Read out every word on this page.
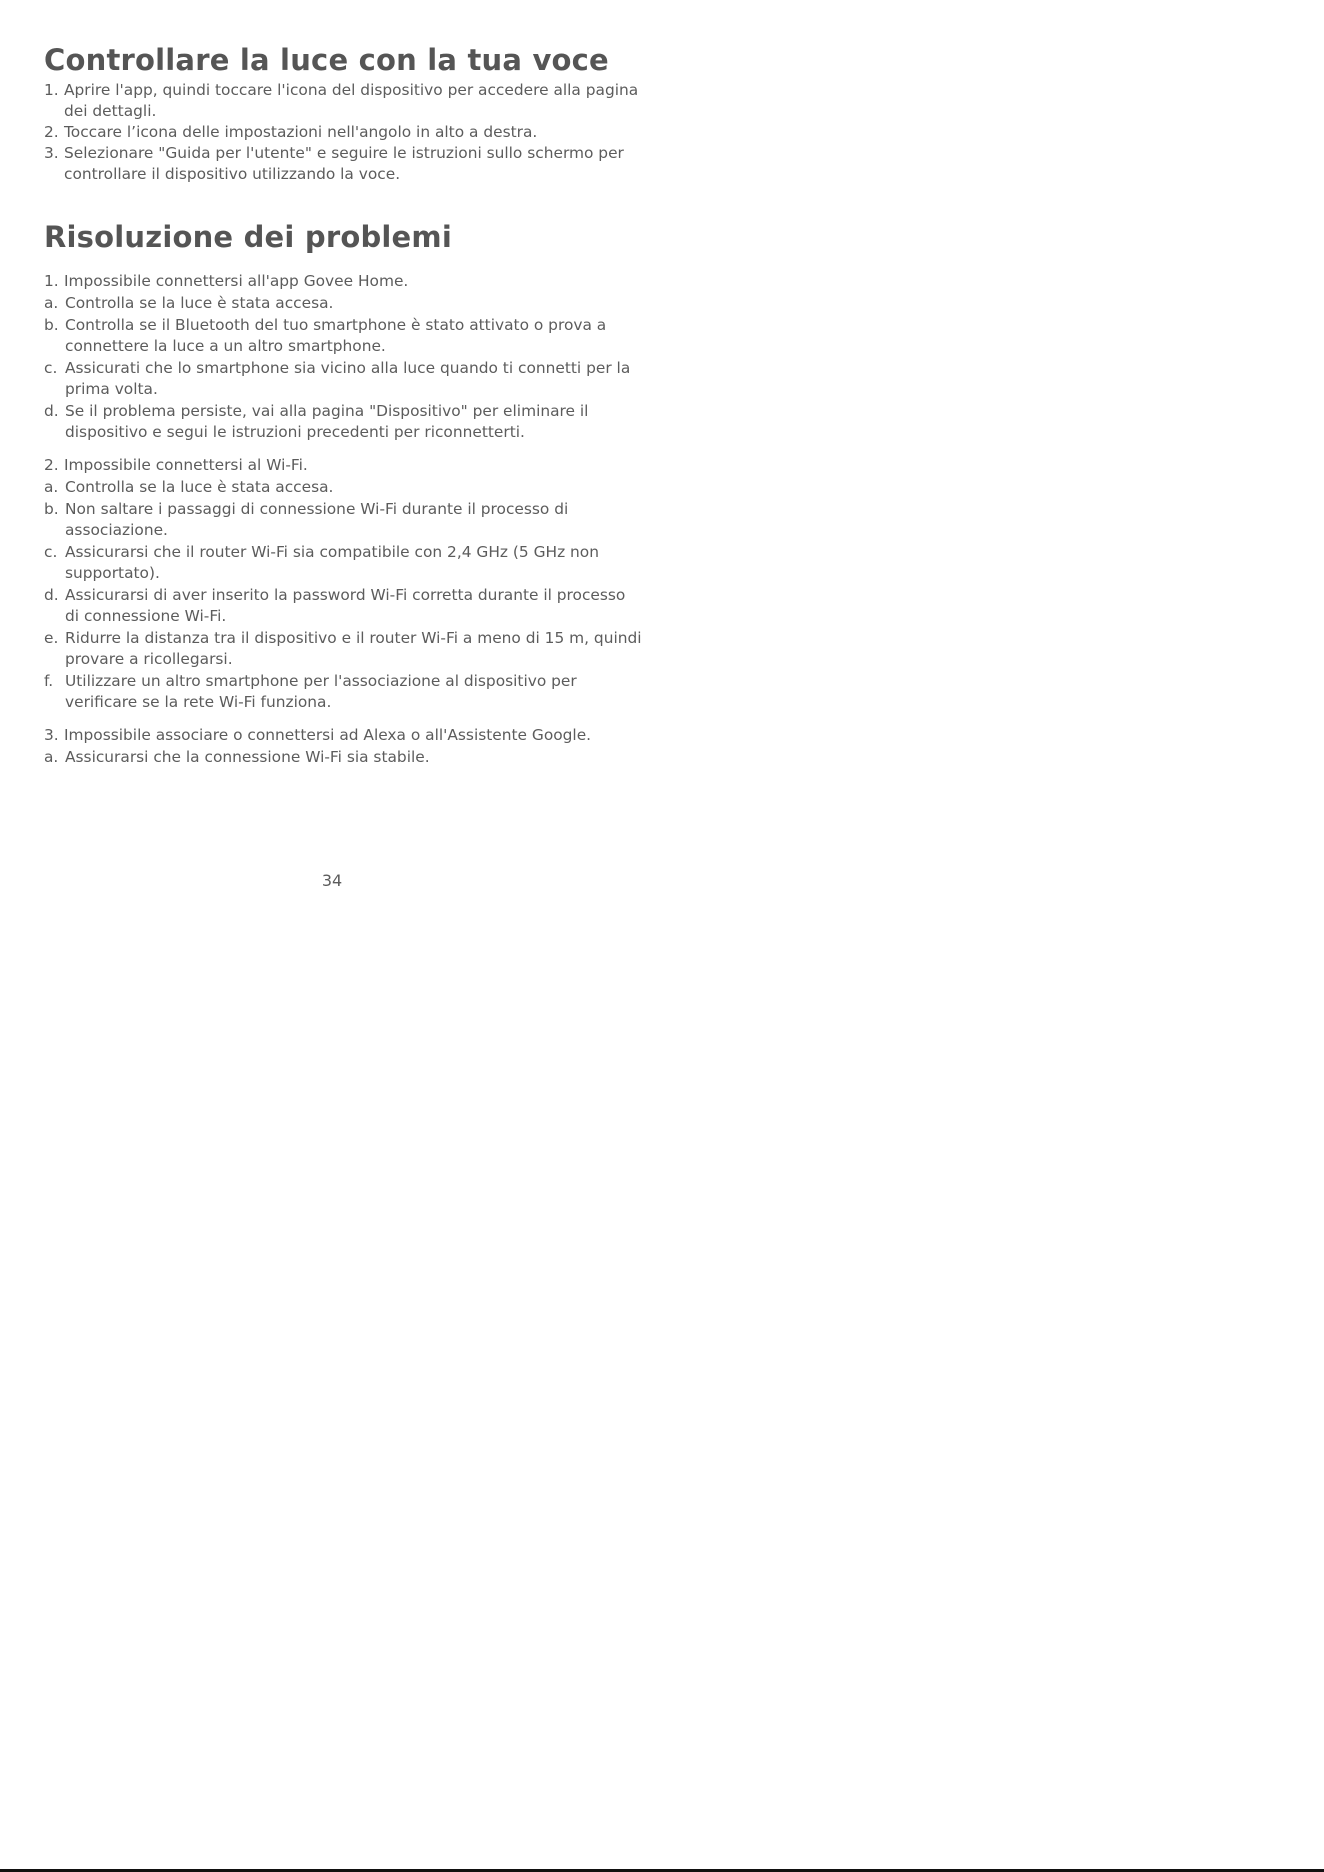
Controllare la luce con la tua voce
1. Aprire l'app, quindi toccare l'icona del dispositivo per accedere alla pagina dei dettagli.
2. Toccare l’icona delle impostazioni nell'angolo in alto a destra.
3. Selezionare "Guida per l'utente" e seguire le istruzioni sullo schermo per controllare il dispositivo utilizzando la voce.
Risoluzione dei problemi
1. Impossibile connettersi all'app Govee Home.
a. Controlla se la luce è stata accesa.
b. Controlla se il Bluetooth del tuo smartphone è stato attivato o prova a connettere la luce a un altro smartphone.
c. Assicurati che lo smartphone sia vicino alla luce quando ti connetti per la prima volta.
d. Se il problema persiste, vai alla pagina "Dispositivo" per eliminare il dispositivo e segui le istruzioni precedenti per riconnetterti.
2. Impossibile connettersi al Wi-Fi.
a. Controlla se la luce è stata accesa.
b. Non saltare i passaggi di connessione Wi-Fi durante il processo di associazione.
c. Assicurarsi che il router Wi-Fi sia compatibile con 2,4 GHz (5 GHz non supportato).
d. Assicurarsi di aver inserito la password Wi-Fi corretta durante il processo di connessione Wi-Fi.
e. Ridurre la distanza tra il dispositivo e il router Wi-Fi a meno di 15 m, quindi provare a ricollegarsi.
f. Utilizzare un altro smartphone per l'associazione al dispositivo per verificare se la rete Wi-Fi funziona.
3. Impossibile associare o connettersi ad Alexa o all'Assistente Google.
a. Assicurarsi che la connessione Wi-Fi sia stabile.
34
